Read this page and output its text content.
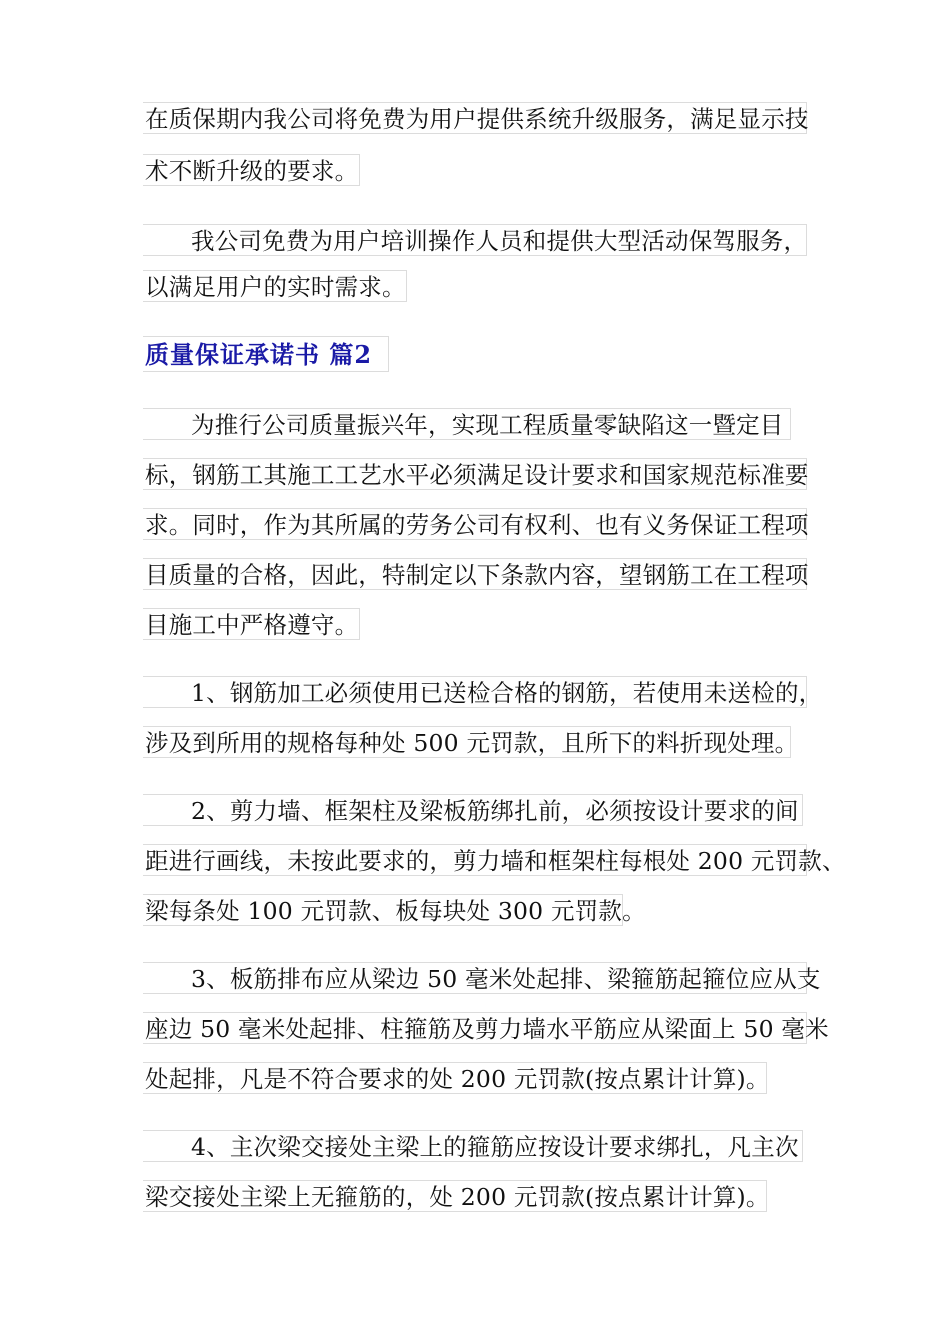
在质保期内我公司将免费为用户提供系统升级服务，满足显示技
术不断升级的要求。
我公司免费为用户培训操作人员和提供大型活动保驾服务，
以满足用户的实时需求。
质量保证承诺书 篇2
为推行公司质量振兴年，实现工程质量零缺陷这一暨定目
标，钢筋工其施工工艺水平必须满足设计要求和国家规范标准要
求。同时，作为其所属的劳务公司有权利、也有义务保证工程项
目质量的合格，因此，特制定以下条款内容，望钢筋工在工程项
目施工中严格遵守。
1、钢筋加工必须使用已送检合格的钢筋，若使用未送检的，
涉及到所用的规格每种处 500 元罚款，且所下的料折现处理。
2、剪力墙、框架柱及梁板筋绑扎前，必须按设计要求的间
距进行画线，未按此要求的，剪力墙和框架柱每根处 200 元罚款、
梁每条处 100 元罚款、板每块处 300 元罚款。
3、板筋排布应从梁边 50 毫米处起排、梁箍筋起箍位应从支
座边 50 毫米处起排、柱箍筋及剪力墙水平筋应从梁面上 50 毫米
处起排，凡是不符合要求的处 200 元罚款(按点累计计算)。
4、主次梁交接处主梁上的箍筋应按设计要求绑扎，凡主次
梁交接处主梁上无箍筋的，处 200 元罚款(按点累计计算)。
